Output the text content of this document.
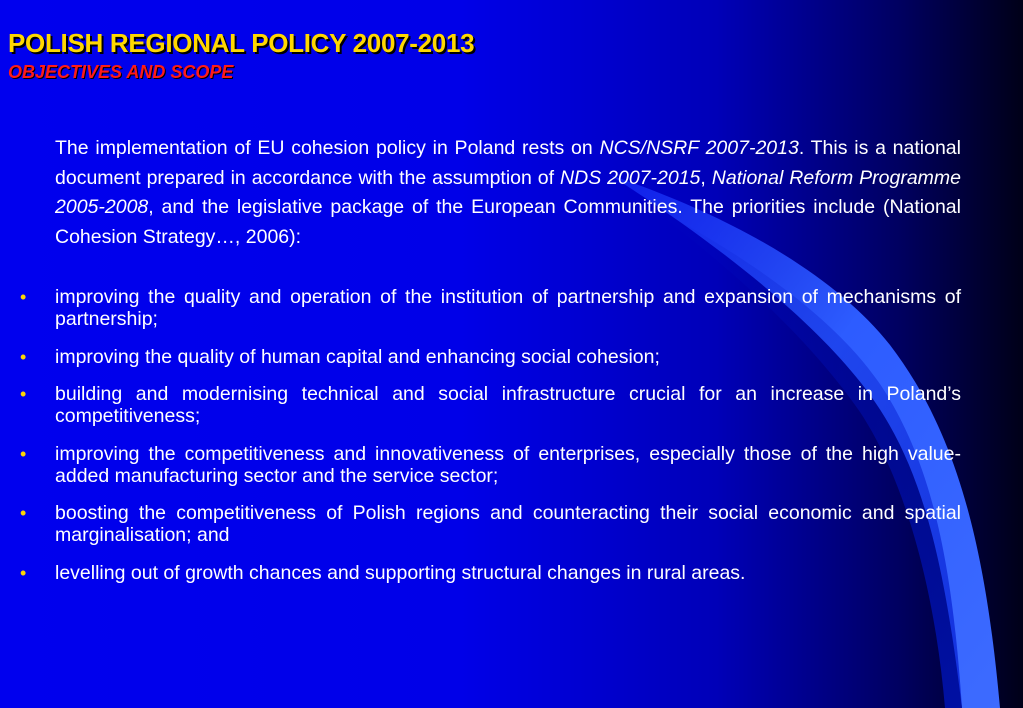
POLISH REGIONAL POLICY 2007-2013
OBJECTIVES AND SCOPE

The implementation of EU cohesion policy in Poland rests on NCS/NSRF 2007-2013. This is a national document prepared in accordance with the assumption of NDS 2007-2015, National Reform Programme 2005-2008, and the legislative package of the European Communities. The priorities include (National Cohesion Strategy…, 2006):

• improving the quality and operation of the institution of partnership and expansion of mechanisms of partnership;
• improving the quality of human capital and enhancing social cohesion;
• building and modernising technical and social infrastructure crucial for an increase in Poland’s competitiveness;
• improving the competitiveness and innovativeness of enterprises, especially those of the high value-added manufacturing sector and the service sector;
• boosting the competitiveness of Polish regions and counteracting their social economic and spatial marginalisation; and
• levelling out of growth chances and supporting structural changes in rural areas.
